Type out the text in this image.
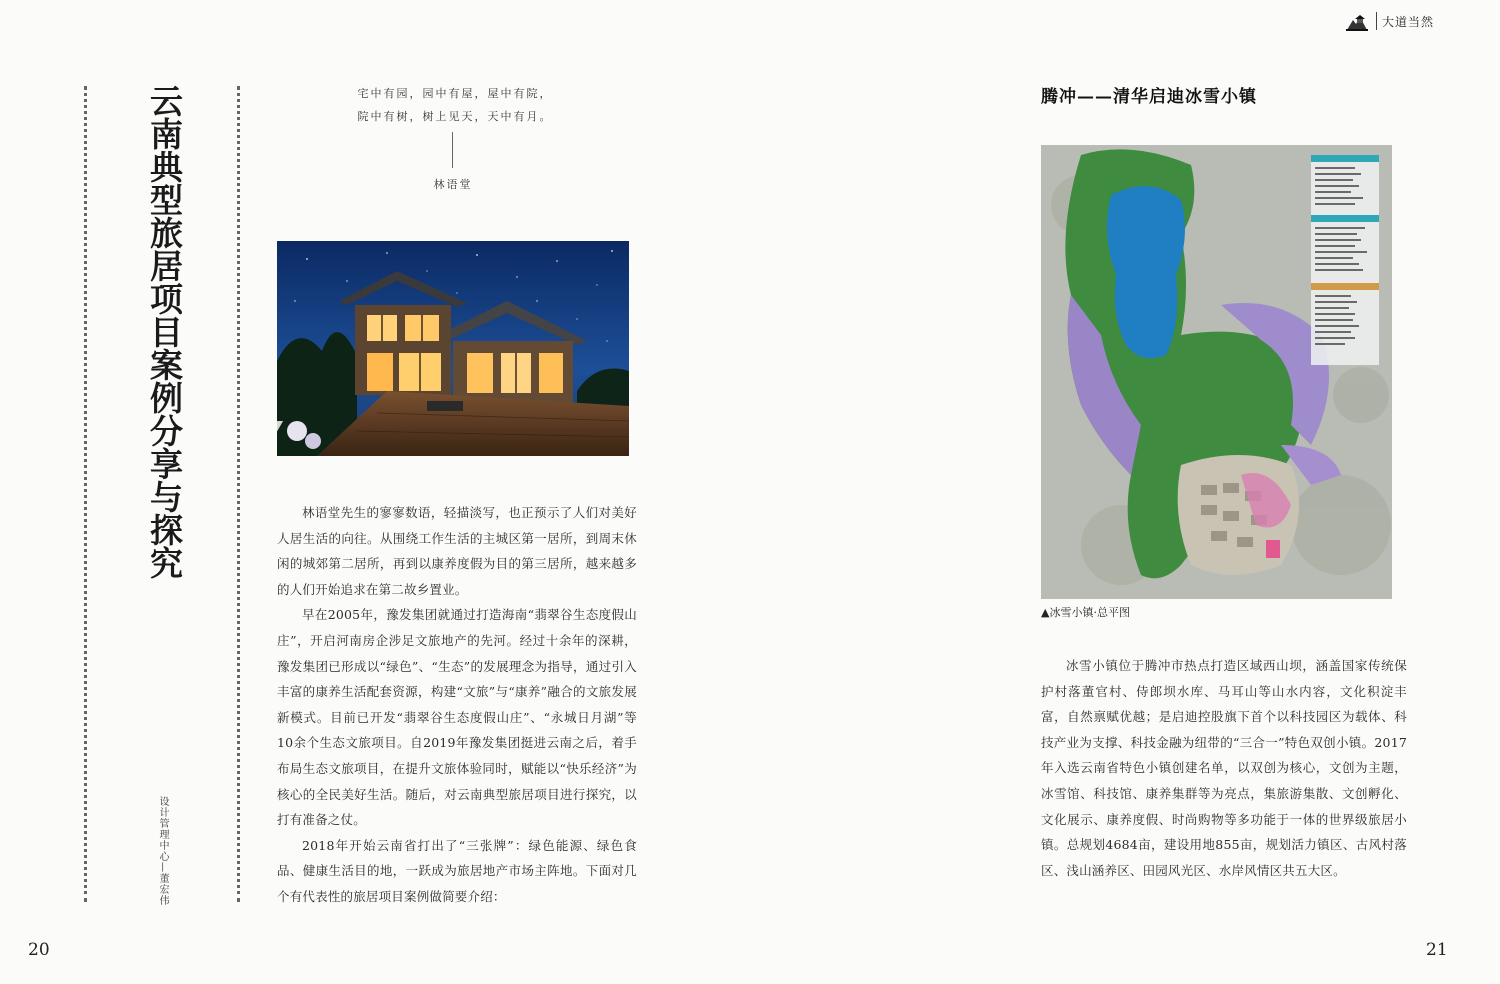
大道当然
云南典型旅居项目案例分享与探究
设计管理中心—董宏伟
宅中有园，园中有屋，屋中有院，
院中有树，树上见天，天中有月。
林语堂

林语堂先生的寥寥数语，轻描淡写，也正预示了人们对美好人居生活的向往。从围绕工作生活的主城区第一居所，到周末休闲的城郊第二居所，再到以康养度假为目的第三居所，越来越多的人们开始追求在第二故乡置业。

早在2005年，豫发集团就通过打造海南“翡翠谷生态度假山庄”，开启河南房企涉足文旅地产的先河。经过十余年的深耕，豫发集团已形成以“绿色”、“生态”的发展理念为指导，通过引入丰富的康养生活配套资源，构建“文旅”与“康养”融合的文旅发展新模式。目前已开发“翡翠谷生态度假山庄”、“永城日月湖”等10余个生态文旅项目。自2019年豫发集团挺进云南之后，着手布局生态文旅项目，在提升文旅体验同时，赋能以“快乐经济”为核心的全民美好生活。随后，对云南典型旅居项目进行探究，以打有准备之仗。

2018年开始云南省打出了“三张牌”：绿色能源、绿色食品、健康生活目的地，一跃成为旅居地产市场主阵地。下面对几个有代表性的旅居项目案例做简要介绍：

20
腾冲——清华启迪冰雪小镇
▲冰雪小镇·总平图

冰雪小镇位于腾冲市热点打造区域西山坝，涵盖国家传统保护村落董官村、侍郎坝水库、马耳山等山水内容，文化积淀丰富，自然禀赋优越；是启迪控股旗下首个以科技园区为载体、科技产业为支撑、科技金融为纽带的“三合一”特色双创小镇。2017年入选云南省特色小镇创建名单，以双创为核心，文创为主题，冰雪馆、科技馆、康养集群等为亮点，集旅游集散、文创孵化、文化展示、康养度假、时尚购物等多功能于一体的世界级旅居小镇。总规划4684亩，建设用地855亩，规划活力镇区、古风村落区、浅山涵养区、田园风光区、水岸风情区共五大区。

21
